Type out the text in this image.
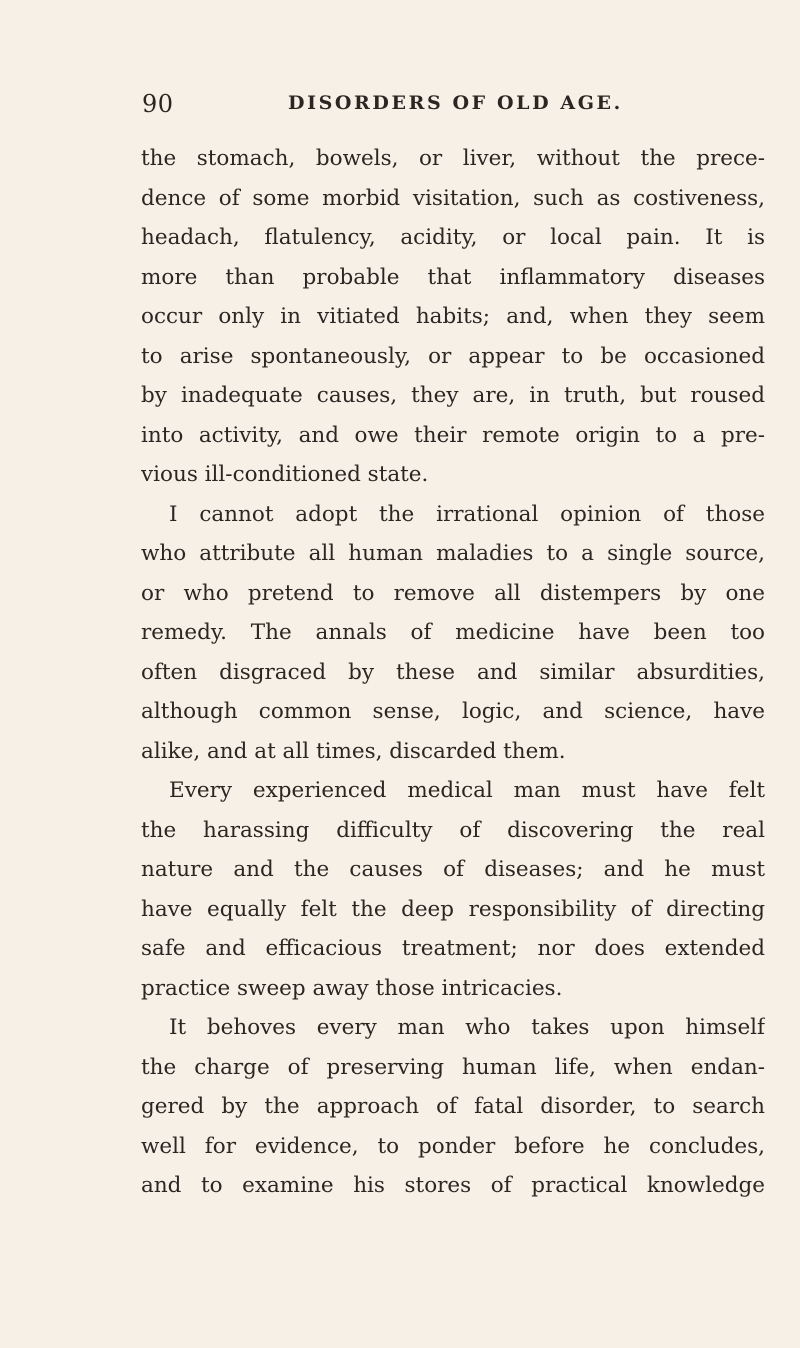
90	DISORDERS OF OLD AGE.
the stomach, bowels, or liver, without the prece-
dence of some morbid visitation, such as costiveness,
headach, flatulency, acidity, or local pain. It is
more than probable that inflammatory diseases
occur only in vitiated habits; and, when they seem
to arise spontaneously, or appear to be occasioned
by inadequate causes, they are, in truth, but roused
into activity, and owe their remote origin to a pre-
vious ill-conditioned state.
I cannot adopt the irrational opinion of those
who attribute all human maladies to a single source,
or who pretend to remove all distempers by one
remedy. The annals of medicine have been too
often disgraced by these and similar absurdities,
although common sense, logic, and science, have
alike, and at all times, discarded them.
Every experienced medical man must have felt
the harassing difficulty of discovering the real
nature and the causes of diseases; and he must
have equally felt the deep responsibility of directing
safe and efficacious treatment; nor does extended
practice sweep away those intricacies.
It behoves every man who takes upon himself
the charge of preserving human life, when endan-
gered by the approach of fatal disorder, to search
well for evidence, to ponder before he concludes,
and to examine his stores of practical knowledge
